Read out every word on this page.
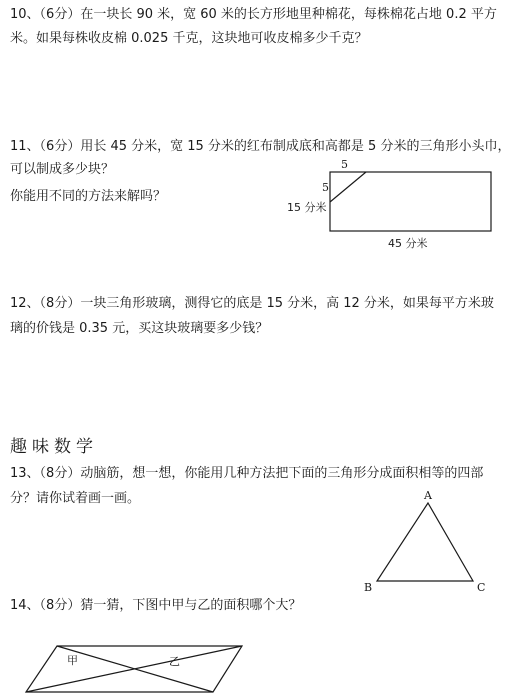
10、（6分）在一块长 90 米，宽 60 米的长方形地里种棉花，每株棉花占地 0.2 平方
米。如果每株收皮棉 0.025 千克，这块地可收皮棉多少千克？
11、（6分）用长 45 分米，宽 15 分米的红布制成底和高都是 5 分米的三角形小头巾，
可以制成多少块？
你能用不同的方法来解吗？
5
5
15 分米
45 分米
12、（8分）一块三角形玻璃，测得它的底是 15 分米，高 12 分米，如果每平方米玻
璃的价钱是 0.35 元，买这块玻璃要多少钱？
趣味数学
13、（8分）动脑筋，想一想，你能用几种方法把下面的三角形分成面积相等的四部
分？请你试着画一画。	A
B	C
14、（8分）猜一猜，下图中甲与乙的面积哪个大？
甲	乙
